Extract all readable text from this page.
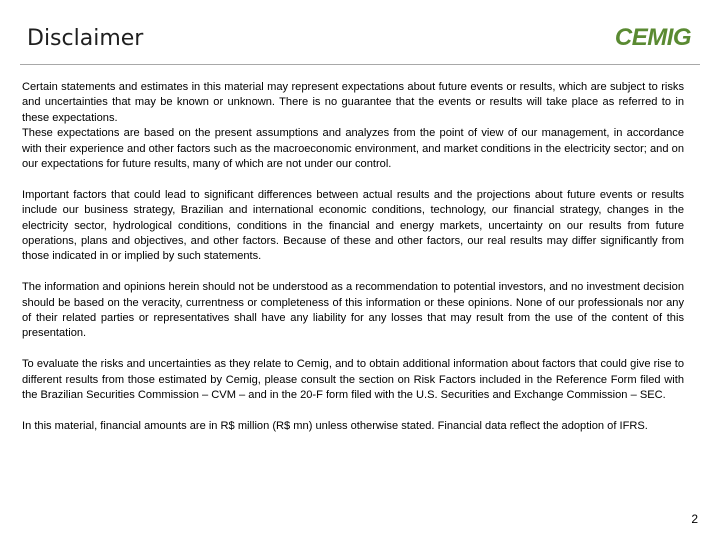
Disclaimer	CEMIG

Certain statements and estimates in this material may represent expectations about future events or results, which are subject to risks and uncertainties that may be known or unknown. There is no guarantee that the events or results will take place as referred to in these expectations.

These expectations are based on the present assumptions and analyzes from the point of view of our management, in accordance with their experience and other factors such as the macroeconomic environment, and market conditions in the electricity sector; and on our expectations for future results, many of which are not under our control.

Important factors that could lead to significant differences between actual results and the projections about future events or results include our business strategy, Brazilian and international economic conditions, technology, our financial strategy, changes in the electricity sector, hydrological conditions, conditions in the financial and energy markets, uncertainty on our results from future operations, plans and objectives, and other factors. Because of these and other factors, our real results may differ significantly from those indicated in or implied by such statements.

The information and opinions herein should not be understood as a recommendation to potential investors, and no investment decision should be based on the veracity, currentness or completeness of this information or these opinions. None of our professionals nor any of their related parties or representatives shall have any liability for any losses that may result from the use of the content of this presentation.

To evaluate the risks and uncertainties as they relate to Cemig, and to obtain additional information about factors that could give rise to different results from those estimated by Cemig, please consult the section on Risk Factors included in the Reference Form filed with the Brazilian Securities Commission – CVM – and in the 20-F form filed with the U.S. Securities and Exchange Commission – SEC.

In this material, financial amounts are in R$ million (R$ mn) unless otherwise stated. Financial data reflect the adoption of IFRS.

2
